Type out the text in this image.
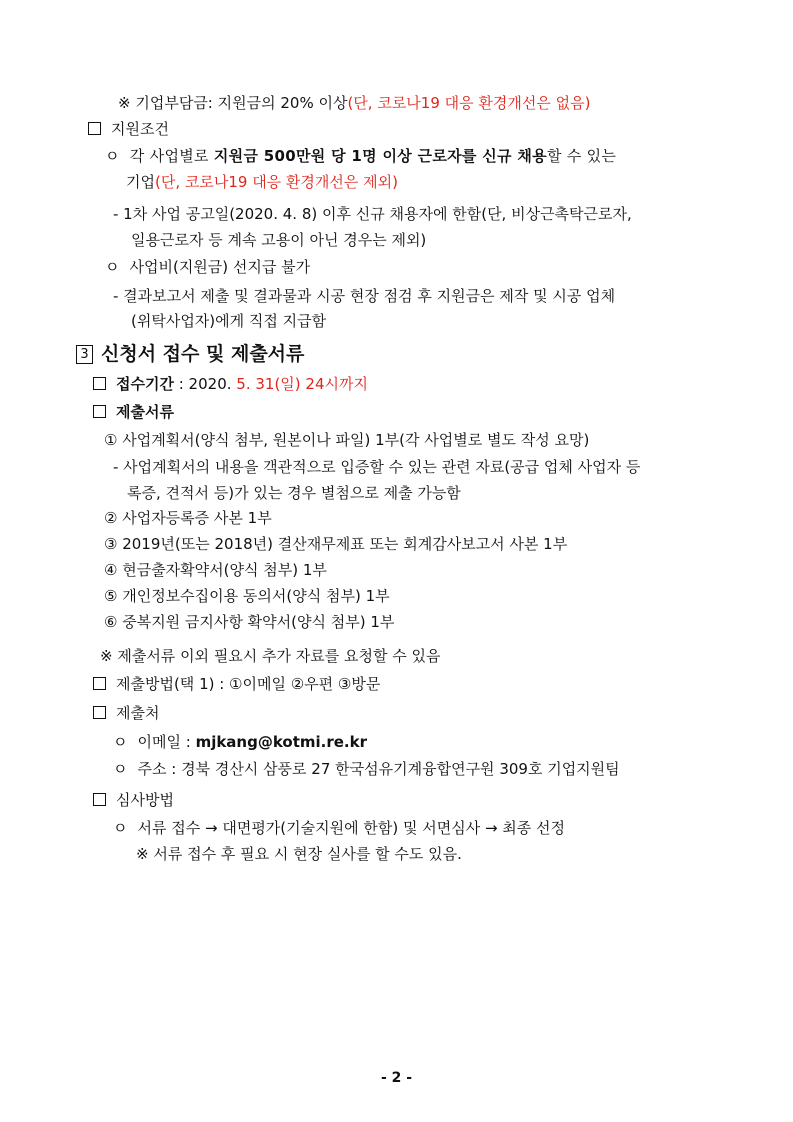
※ 기업부담금: 지원금의 20% 이상(단, 코로나19 대응 환경개선은 없음)
지원조건
ㅇ 각 사업별로 지원금 500만원 당 1명 이상 근로자를 신규 채용할 수 있는
기업(단, 코로나19 대응 환경개선은 제외)
- 1차 사업 공고일(2020. 4. 8) 이후 신규 채용자에 한함(단, 비상근촉탁근로자,
일용근로자 등 계속 고용이 아닌 경우는 제외)
ㅇ 사업비(지원금) 선지급 불가
- 결과보고서 제출 및 결과물과 시공 현장 점검 후 지원금은 제작 및 시공 업체
(위탁사업자)에게 직접 지급함
3 신청서 접수 및 제출서류
접수기간 : 2020. 5. 31(일) 24시까지
제출서류
① 사업계획서(양식 첨부, 원본이나 파일) 1부(각 사업별로 별도 작성 요망)
- 사업계획서의 내용을 객관적으로 입증할 수 있는 관련 자료(공급 업체 사업자 등
록증, 견적서 등)가 있는 경우 별첨으로 제출 가능함
② 사업자등록증 사본 1부
③ 2019년(또는 2018년) 결산재무제표 또는 회계감사보고서 사본 1부
④ 현금출자확약서(양식 첨부) 1부
⑤ 개인정보수집이용 동의서(양식 첨부) 1부
⑥ 중복지원 금지사항 확약서(양식 첨부) 1부
※ 제출서류 이외 필요시 추가 자료를 요청할 수 있음
제출방법(택 1) : ①이메일 ②우편 ③방문
제출처
ㅇ 이메일 : mjkang@kotmi.re.kr
ㅇ 주소 : 경북 경산시 삼풍로 27 한국섬유기계융합연구원 309호 기업지원팀
심사방법
ㅇ 서류 접수 → 대면평가(기술지원에 한함) 및 서면심사 → 최종 선정
※ 서류 접수 후 필요 시 현장 실사를 할 수도 있음.
- 2 -
